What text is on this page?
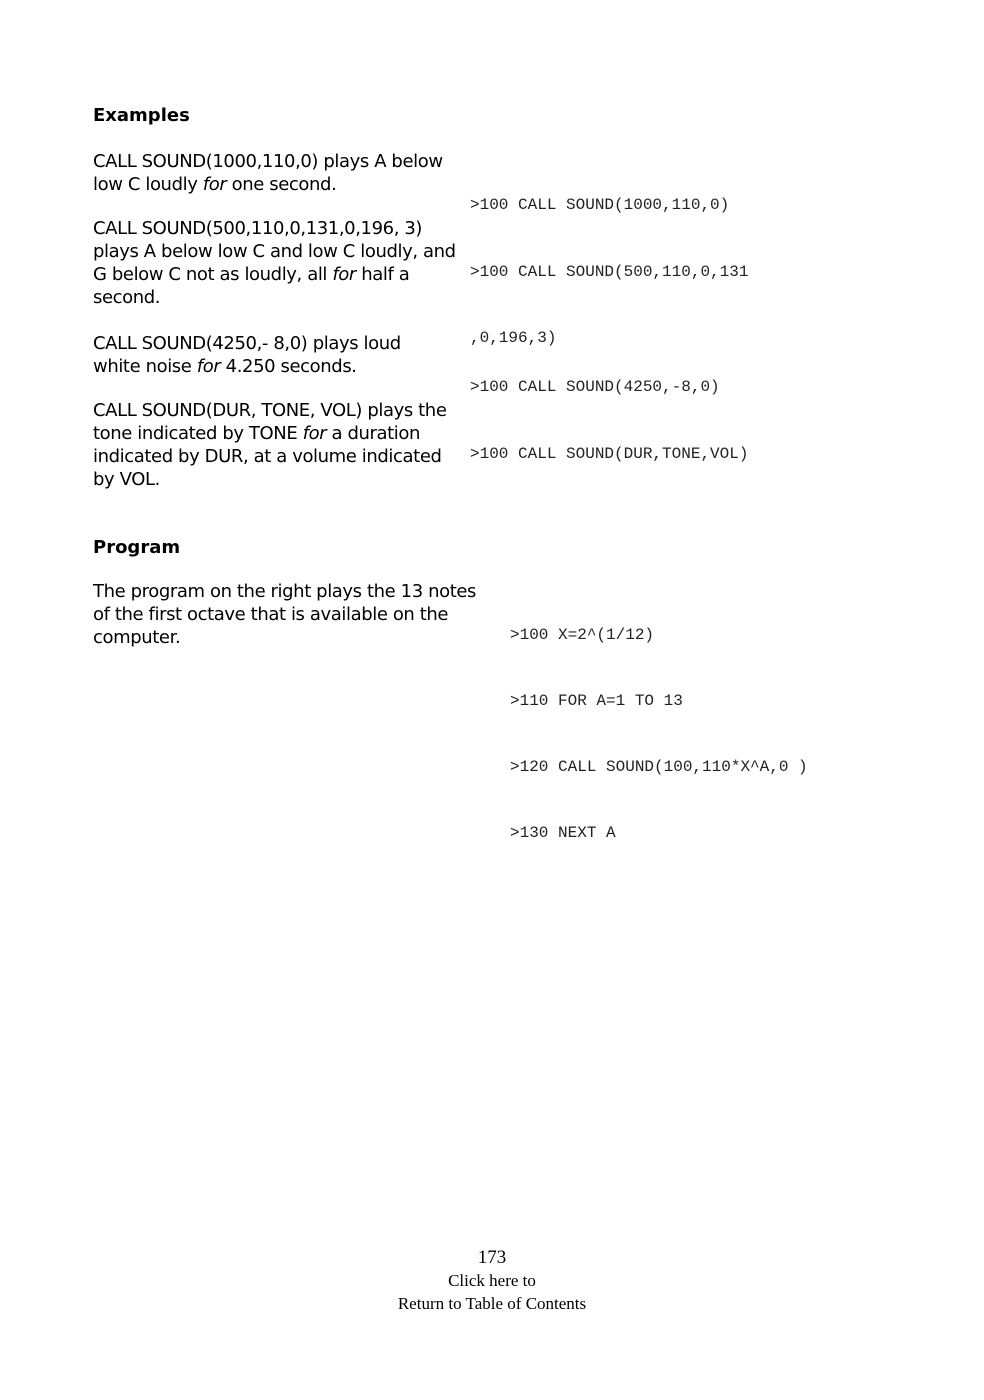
Examples

CALL SOUND(1000,110,0) plays A below low C loudly for one second.

>100 CALL SOUND(1000,110,0)

CALL SOUND(500,110,0,131,0,196, 3) plays A below low C and low C loudly, and G below C not as loudly, all for half a second.

>100 CALL SOUND(500,110,0,131

,0,196,3)

CALL SOUND(4250,- 8,0) plays loud white noise for 4.250 seconds.

>100 CALL SOUND(4250,-8,0)

CALL SOUND(DUR, TONE, VOL) plays the tone indicated by TONE for a duration indicated by DUR, at a volume indicated by VOL.

>100 CALL SOUND(DUR,TONE,VOL)

Program

The program on the right plays the 13 notes of the first octave that is available on the computer.

	>100 X=2^(1/12)

>110 FOR A=1 TO 13

>120 CALL SOUND(100,110*X^A,0 )

>130 NEXT A

173
Click here to
Return to Table of Contents
